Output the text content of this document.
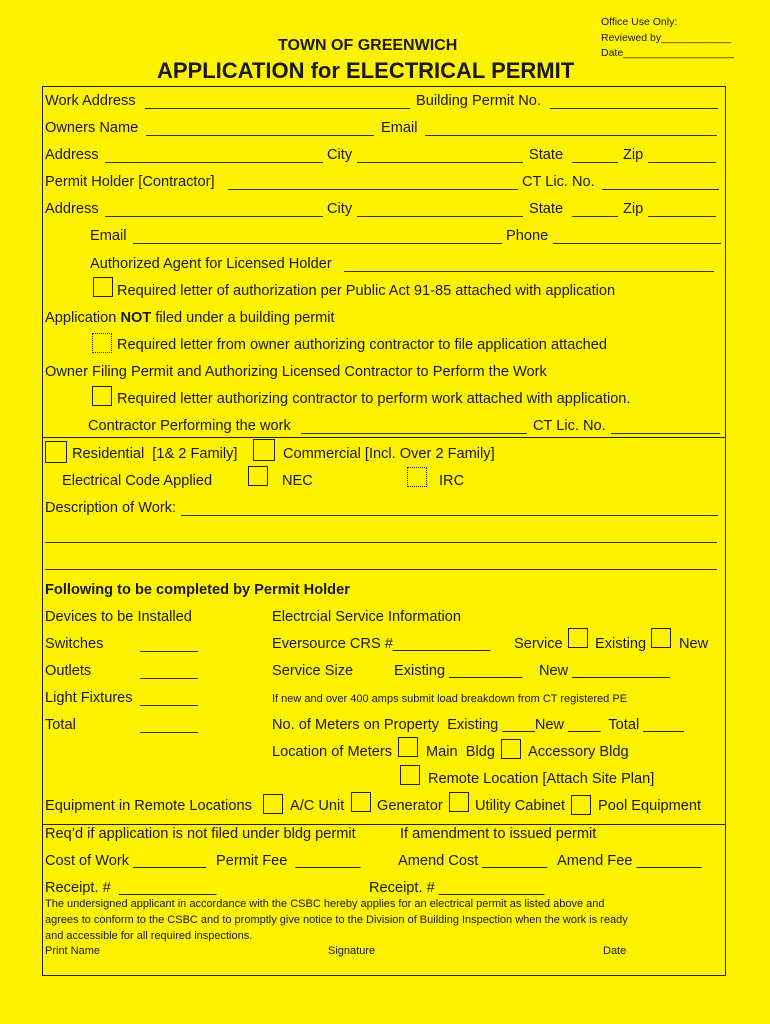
Office Use Only:
Reviewed by____________
Date___________________
TOWN OF GREENWICH
APPLICATION for ELECTRICAL PERMIT
Work Address	Building Permit No.
Owners Name	Email
Address	City	State	Zip
Permit Holder [Contractor]	CT Lic. No.
Address	City	State	Zip
Email	Phone
Authorized Agent for Licensed Holder
Required letter of authorization per Public Act 91-85 attached with application
Application NOT filed under a building permit
Required letter from owner authorizing contractor to file application attached
Owner Filing Permit and Authorizing Licensed Contractor to Perform the Work
Required letter authorizing contractor to perform work attached with application.
Contractor Performing the work	CT Lic. No.
Residential  [1& 2 Family]	Commercial [Incl. Over 2 Family]
Electrical Code Applied	NEC	IRC
Description of Work:
Following to be completed by Permit Holder
Devices to be Installed	Electrcial Service Information
Switches	Eversource CRS #____________ Service Existing New
Outlets	Service Size	Existing _________ New ____________
Light Fixtures	If new and over 400 amps submit load breakdown from CT registered PE
Total	No. of Meters on Property  Existing ____New ____  Total _____
Location of Meters Main  Bldg Accessory Bldg
Remote Location [Attach Site Plan]
Equipment in Remote Locations	A/C Unit Generator Utility Cabinet Pool Equipment
Req’d if application is not filed under bldg permit	If amendment to issued permit
Cost of Work _________ Permit Fee  ________	Amend Cost ________ Amend Fee ________
Receipt. #  ____________	Receipt. # _____________
The undersigned applicant in accordance with the CSBC hereby applies for an electrical permit as listed above and
agrees to conform to the CSBC and to promptly give notice to the Division of Building Inspection when the work is ready
and accessible for all required inspections.
Print Name	Signature	Date
